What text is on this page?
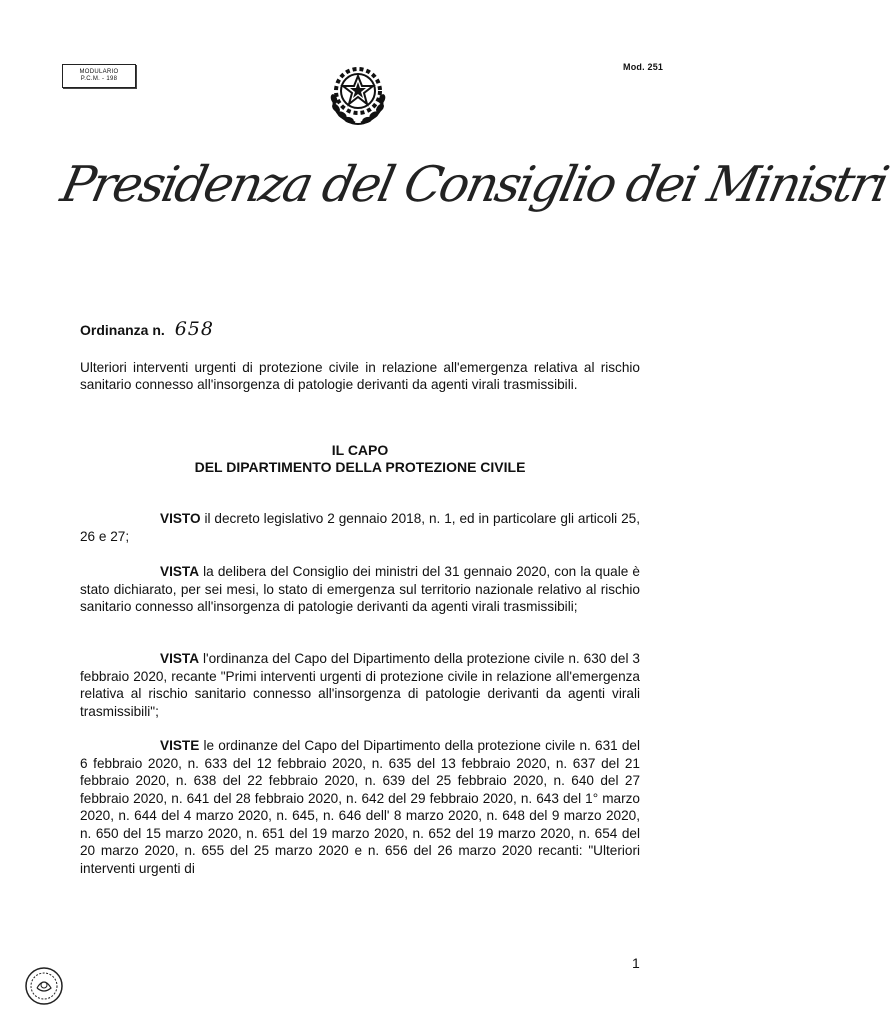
MODULARIO
P.C.M. - 198
Mod. 251
Presidenza del Consiglio dei Ministri
Ordinanza n. 658
Ulteriori interventi urgenti di protezione civile in relazione all'emergenza relativa al rischio sanitario connesso all'insorgenza di patologie derivanti da agenti virali trasmissibili.
IL CAPO
DEL DIPARTIMENTO DELLA PROTEZIONE CIVILE
VISTO il decreto legislativo 2 gennaio 2018, n. 1, ed in particolare gli articoli 25, 26 e 27;
VISTA la delibera del Consiglio dei ministri del 31 gennaio 2020, con la quale è stato dichiarato, per sei mesi, lo stato di emergenza sul territorio nazionale relativo al rischio sanitario connesso all'insorgenza di patologie derivanti da agenti virali trasmissibili;
VISTA l'ordinanza del Capo del Dipartimento della protezione civile n. 630 del 3 febbraio 2020, recante "Primi interventi urgenti di protezione civile in relazione all'emergenza relativa al rischio sanitario connesso all'insorgenza di patologie derivanti da agenti virali trasmissibili";
VISTE le ordinanze del Capo del Dipartimento della protezione civile n. 631 del 6 febbraio 2020, n. 633 del 12 febbraio 2020, n. 635 del 13 febbraio 2020, n. 637 del 21 febbraio 2020, n. 638 del 22 febbraio 2020, n. 639 del 25 febbraio 2020, n. 640 del 27 febbraio 2020, n. 641 del 28 febbraio 2020, n. 642 del 29 febbraio 2020, n. 643 del 1° marzo 2020, n. 644 del 4 marzo 2020, n. 645, n. 646 dell' 8 marzo 2020, n. 648 del 9 marzo 2020, n. 650 del 15 marzo 2020, n. 651 del 19 marzo 2020, n. 652 del 19 marzo 2020, n. 654 del 20 marzo 2020, n. 655 del 25 marzo 2020 e n. 656 del 26 marzo 2020 recanti: "Ulteriori interventi urgenti di
1
